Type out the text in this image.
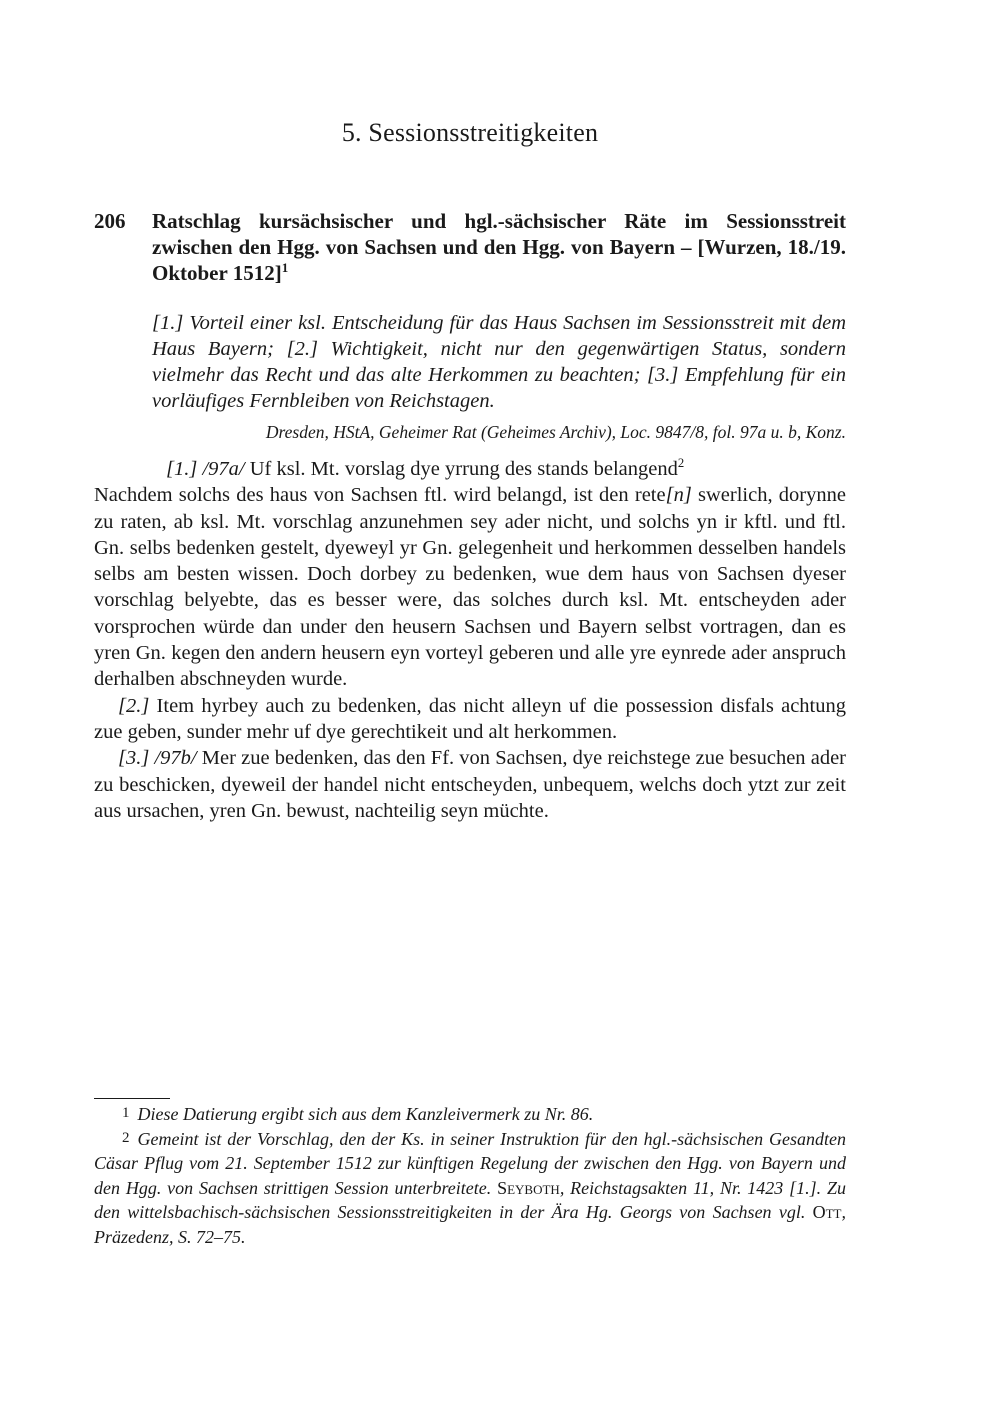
5. Sessionsstreitigkeiten
206 Ratschlag kursächsischer und hgl.-sächsischer Räte im Sessionsstreit zwischen den Hgg. von Sachsen und den Hgg. von Bayern – [Wurzen, 18./19. Oktober 1512]$^1$

[1.] Vorteil einer ksl. Entscheidung für das Haus Sachsen im Sessionsstreit mit dem Haus Bayern; [2.] Wichtigkeit, nicht nur den gegenwärtigen Status, sondern vielmehr das Recht und das alte Herkommen zu beachten; [3.] Empfehlung für ein vorläufiges Fernbleiben von Reichstagen.

Dresden, HStA, Geheimer Rat (Geheimes Archiv), Loc. 9847/8, fol. 97a u. b, Konz.

[1.] /97a/ Uf ksl. Mt. vorslag dye yrrung des stands belangend$^2$

Nachdem solchs des haus von Sachsen ftl. wird belangd, ist den rete[n] swerlich, dorynne zu raten, ab ksl. Mt. vorschlag anzunehmen sey ader nicht, und solchs yn ir kftl. und ftl. Gn. selbs bedenken gestelt, dyeweyl yr Gn. gelegenheit und herkommen desselben handels selbs am besten wissen. Doch dorbey zu bedenken, wue dem haus von Sachsen dyeser vorschlag belyebte, das es besser were, das solches durch ksl. Mt. entscheyden ader vorsprochen würde dan under den heusern Sachsen und Bayern selbst vortragen, dan es yren Gn. kegen den andern heusern eyn vorteyl geberen und alle yre eynrede ader anspruch derhalben abschneyden wurde.

[2.] Item hyrbey auch zu bedenken, das nicht alleyn uf die possession disfals achtung zue geben, sunder mehr uf dye gerechtikeit und alt herkommen.

[3.] /97b/ Mer zue bedenken, das den Ff. von Sachsen, dye reichstege zue besuchen ader zu beschicken, dyeweil der handel nicht entscheyden, unbequem, welchs doch ytzt zur zeit aus ursachen, yren Gn. bewust, nachteilig seyn müchte.

$^1$ Diese Datierung ergibt sich aus dem Kanzleivermerk zu Nr. 86.

$^2$ Gemeint ist der Vorschlag, den der Ks. in seiner Instruktion für den hgl.-sächsischen Gesandten Cäsar Pflug vom 21. September 1512 zur künftigen Regelung der zwischen den Hgg. von Bayern und den Hgg. von Sachsen strittigen Session unterbreitete. Seyboth, Reichstagsakten 11, Nr. 1423 [1.]. Zu den wittelsbachisch-sächsischen Sessionsstreitigkeiten in der Ära Hg. Georgs von Sachsen vgl. Ott, Präzedenz, S. 72–75.
